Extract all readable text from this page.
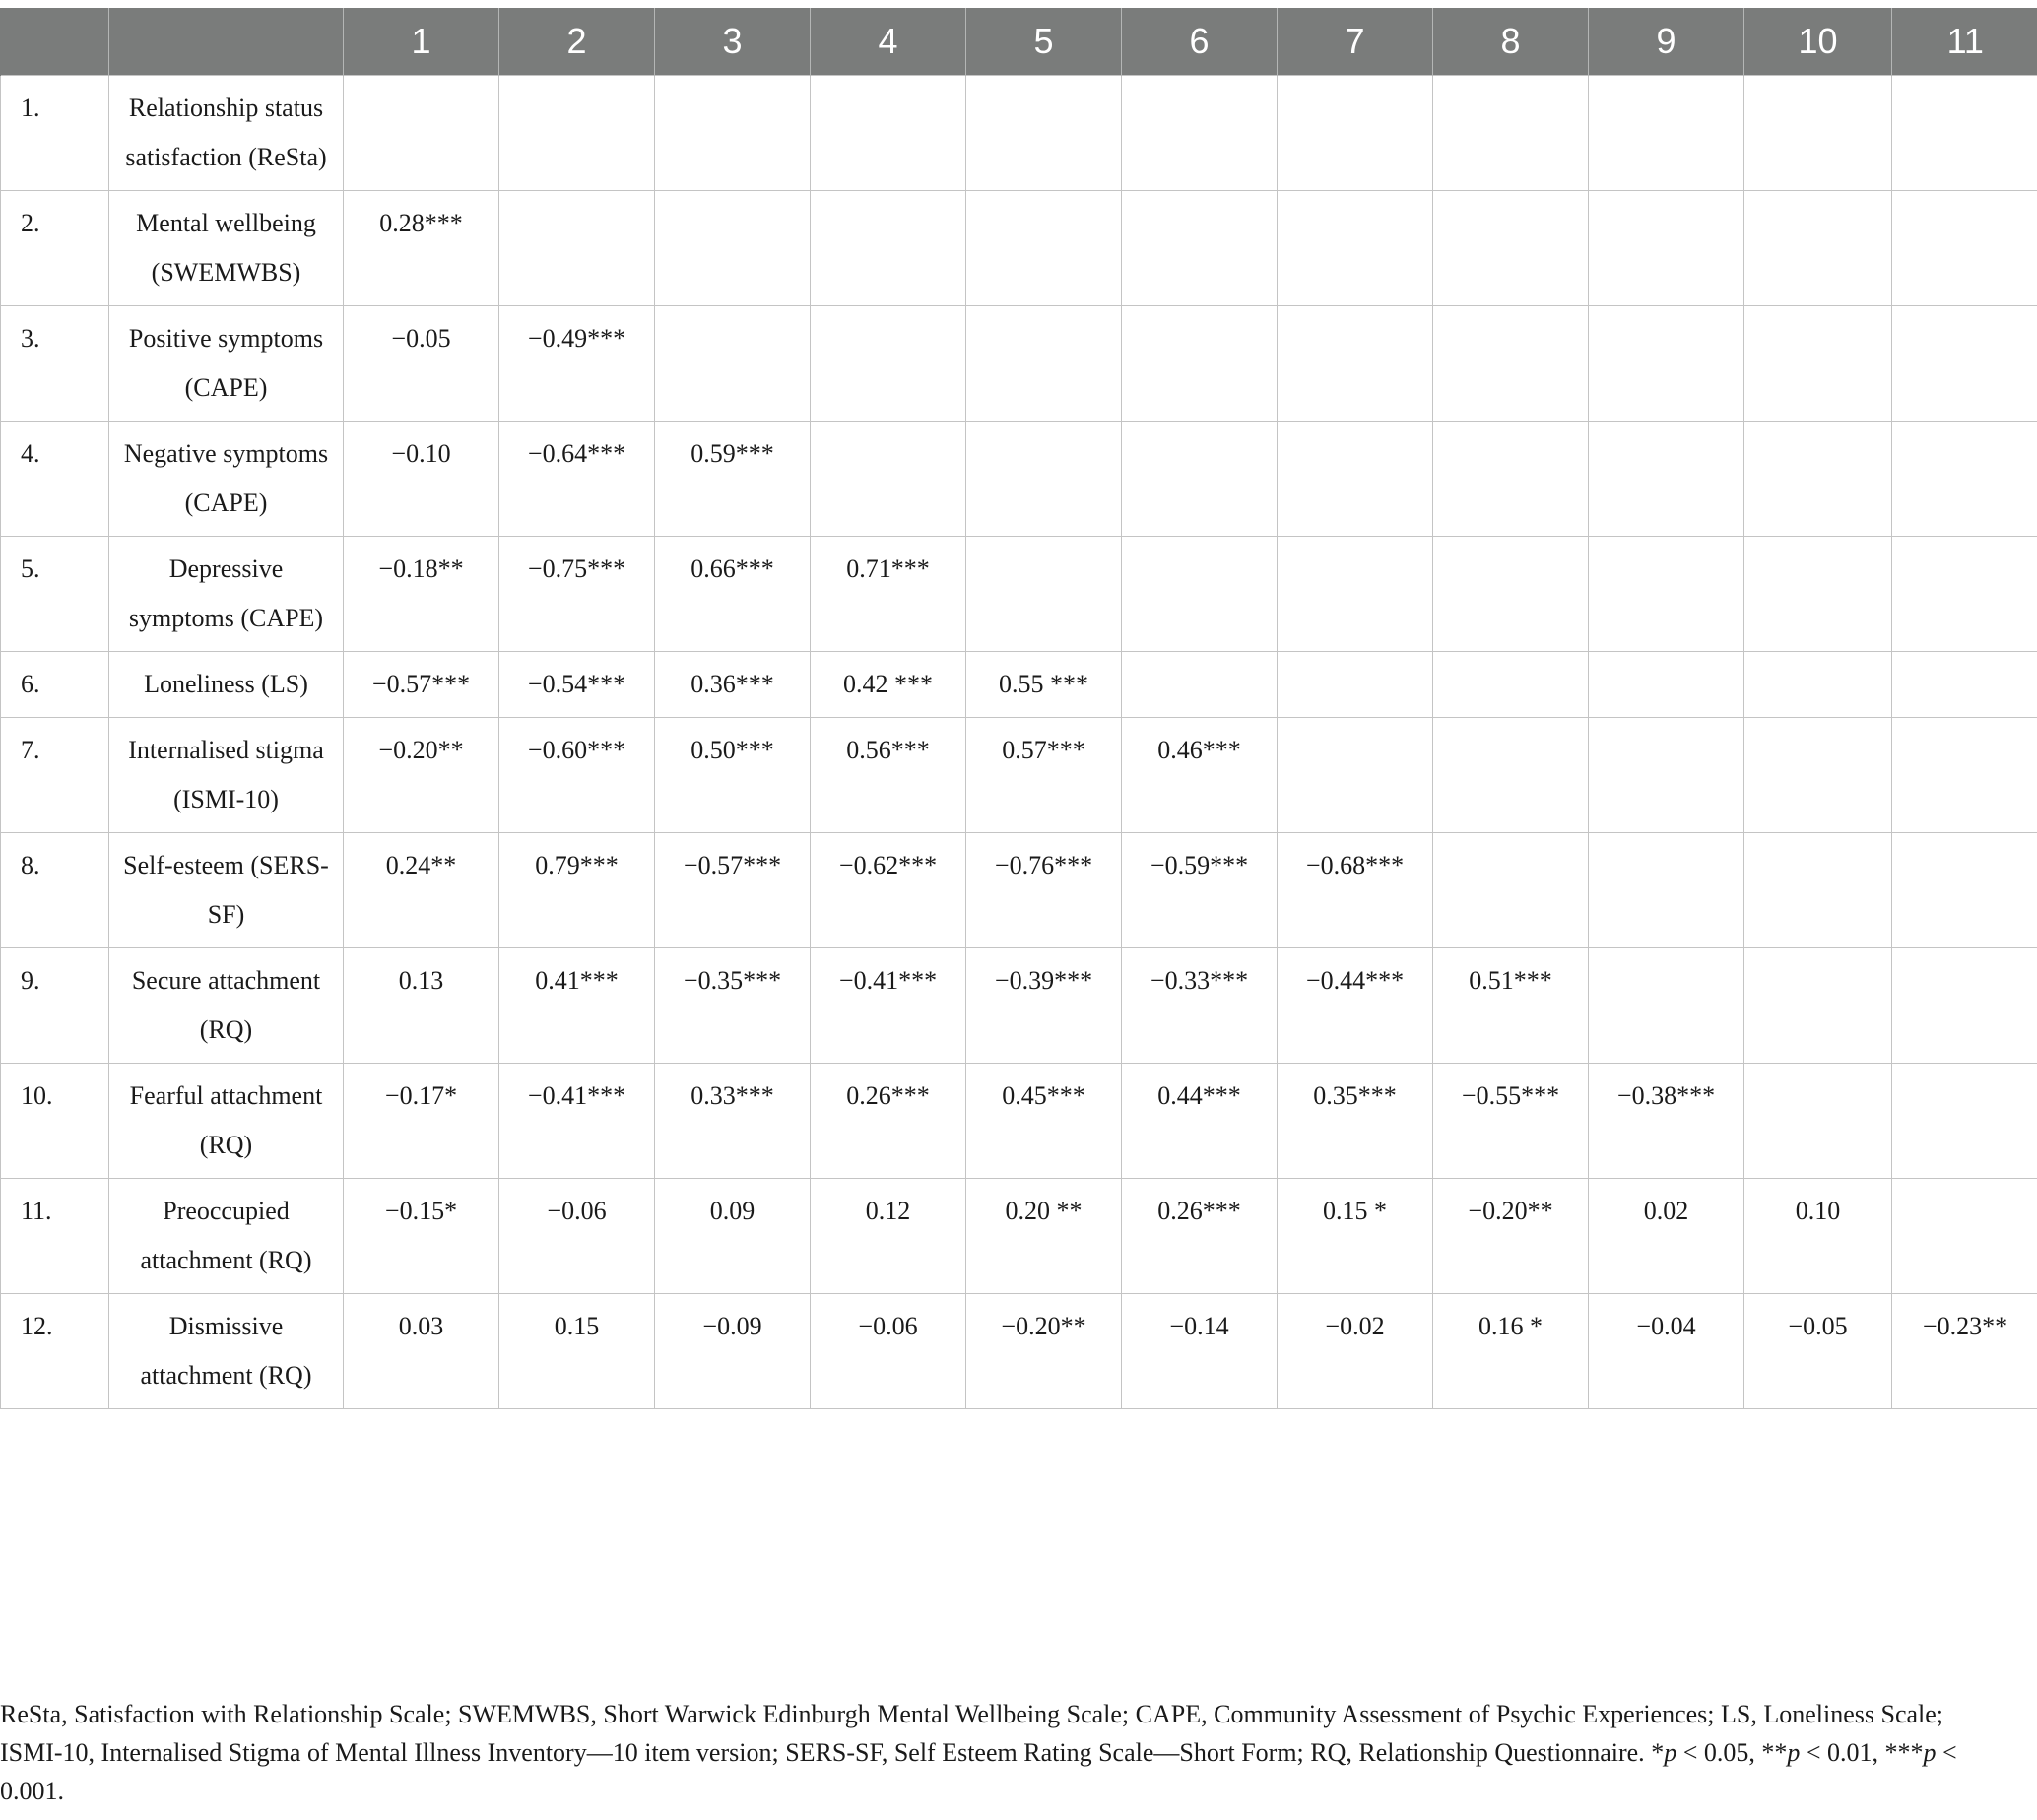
		1	2	3	4	5	6	7	8	9	10	11
1.	Relationship status satisfaction (ReSta)											
2.	Mental wellbeing (SWEMWBS)	0.28***										
3.	Positive symptoms (CAPE)	−0.05	−0.49***									
4.	Negative symptoms (CAPE)	−0.10	−0.64***	0.59***								
5.	Depressive symptoms (CAPE)	−0.18**	−0.75***	0.66***	0.71***							
6.	Loneliness (LS)	−0.57***	−0.54***	0.36***	0.42 ***	0.55 ***						
7.	Internalised stigma (ISMI-10)	−0.20**	−0.60***	0.50***	0.56***	0.57***	0.46***					
8.	Self-esteem (SERS-SF)	0.24**	0.79***	−0.57***	−0.62***	−0.76***	−0.59***	−0.68***				
9.	Secure attachment (RQ)	0.13	0.41***	−0.35***	−0.41***	−0.39***	−0.33***	−0.44***	0.51***			
10.	Fearful attachment (RQ)	−0.17*	−0.41***	0.33***	0.26***	0.45***	0.44***	0.35***	−0.55***	−0.38***		
11.	Preoccupied attachment (RQ)	−0.15*	−0.06	0.09	0.12	0.20 **	0.26***	0.15 *	−0.20**	0.02	0.10	
12.	Dismissive attachment (RQ)	0.03	0.15	−0.09	−0.06	−0.20**	−0.14	−0.02	0.16 *	−0.04	−0.05	−0.23**
ReSta, Satisfaction with Relationship Scale; SWEMWBS, Short Warwick Edinburgh Mental Wellbeing Scale; CAPE, Community Assessment of Psychic Experiences; LS, Loneliness Scale; ISMI-10, Internalised Stigma of Mental Illness Inventory—10 item version; SERS-SF, Self Esteem Rating Scale—Short Form; RQ, Relationship Questionnaire. *p < 0.05, **p < 0.01, ***p < 0.001.
